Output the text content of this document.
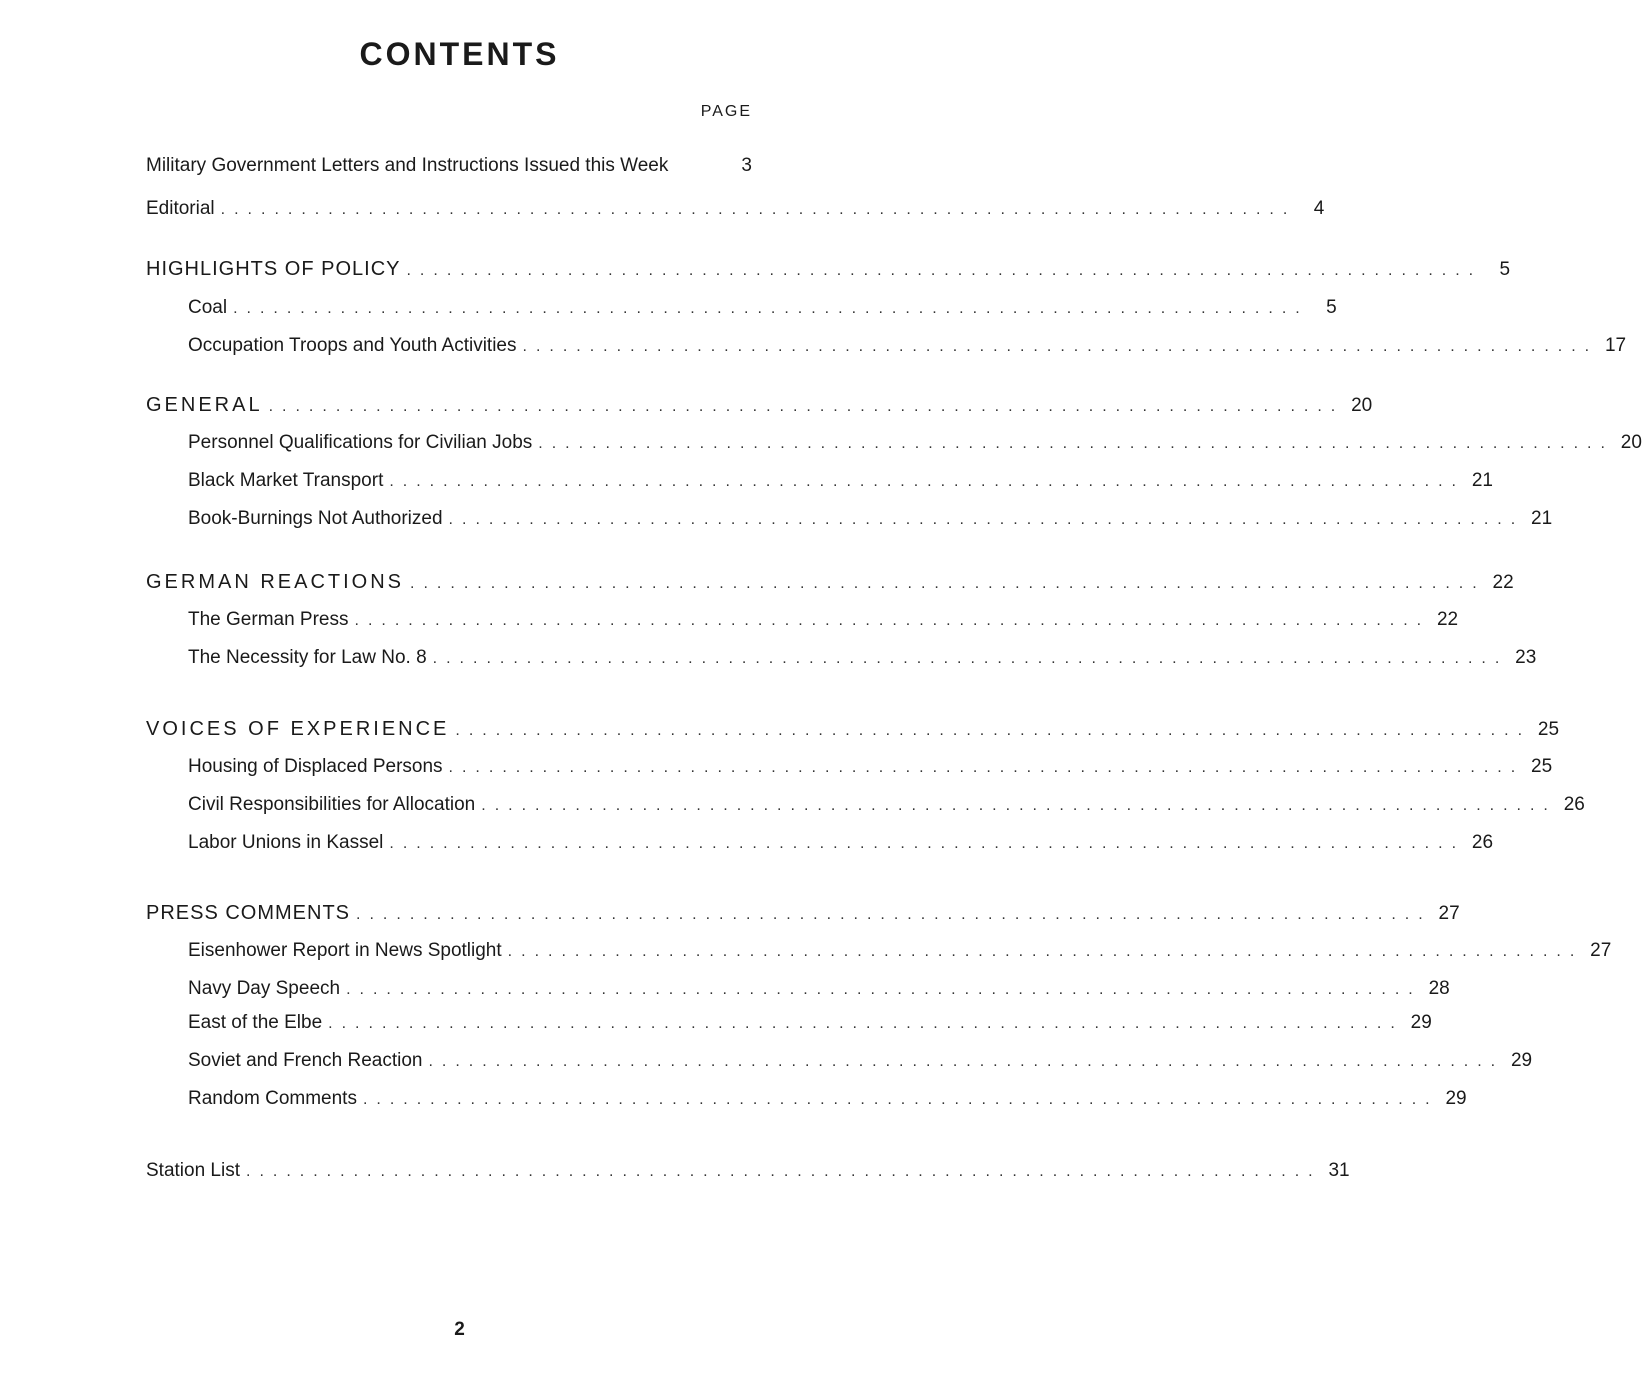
CONTENTS
PAGE
Military Government Letters and Instructions Issued this Week	3
Editorial ................................................................................ 4
HIGHLIGHTS OF POLICY ................................................................................ 5
Coal ................................................................................ 5
Occupation Troops and Youth Activities ................................................................................ 17
GENERAL ................................................................................ 20
Personnel Qualifications for Civilian Jobs ................................................................................ 20
Black Market Transport ................................................................................ 21
Book-Burnings Not Authorized ................................................................................ 21
GERMAN REACTIONS ................................................................................ 22
The German Press ................................................................................ 22
The Necessity for Law No. 8 ................................................................................ 23
VOICES OF EXPERIENCE ................................................................................ 25
Housing of Displaced Persons ................................................................................ 25
Civil Responsibilities for Allocation ................................................................................ 26
Labor Unions in Kassel ................................................................................ 26
PRESS COMMENTS ................................................................................ 27
Eisenhower Report in News Spotlight ................................................................................ 27
Navy Day Speech ................................................................................ 28
East of the Elbe ................................................................................ 29
Soviet and French Reaction ................................................................................ 29
Random Comments ................................................................................ 29
Station List ................................................................................ 31
2
